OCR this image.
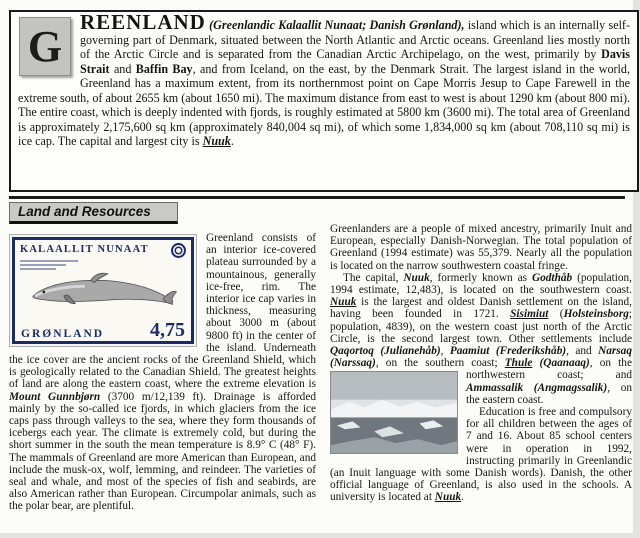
G REENLAND (Greenlandic Kalaallit Nunaat; Danish Grønland), island which is an internally self-governing part of Denmark, situated between the North Atlantic and Arctic oceans. Greenland lies mostly north of the Arctic Circle and is separated from the Canadian Arctic Archipelago, on the west, primarily by Davis Strait and Baffin Bay, and from Iceland, on the east, by the Denmark Strait. The largest island in the world, Greenland has a maximum extent, from its northernmost point on Cape Morris Jesup to Cape Farewell in the extreme south, of about 2655 km (about 1650 mi). The maximum distance from east to west is about 1290 km (about 800 mi). The entire coast, which is deeply indented with fjords, is roughly estimated at 5800 km (3600 mi). The total area of Greenland is approximately 2,175,600 sq km (approximately 840,004 sq mi), of which some 1,834,000 sq km (about 708,110 sq mi) is ice cap. The capital and largest city is Nuuk.

Land and Resources

KALAALLIT NUNAAT
GRØNLAND 4,75
Greenland consists of an interior ice-covered plateau surrounded by a mountainous, generally ice-free, rim. The interior ice cap varies in thickness, measuring about 3000 m (about 9800 ft) in the center of the island. Underneath the ice cover are the ancient rocks of the Greenland Shield, which is geologically related to the Canadian Shield. The greatest heights of land are along the eastern coast, where the extreme elevation is Mount Gunnbjørn (3700 m/12,139 ft). Drainage is afforded mainly by the so-called ice fjords, in which glaciers from the ice caps pass through valleys to the sea, where they form thousands of icebergs each year. The climate is extremely cold, but during the short summer in the south the mean temperature is 8.9° C (48° F). The mammals of Greenland are more American than European, and include the musk-ox, wolf, lemming, and reindeer. The varieties of seal and whale, and most of the species of fish and seabirds, are also American rather than European. Circumpolar animals, such as the polar bear, are plentiful.

Greenlanders are a people of mixed ancestry, primarily Inuit and European, especially Danish-Norwegian. The total population of Greenland (1994 estimate) was 55,379. Nearly all the population is located on the narrow southwestern coastal fringe.

The capital, Nuuk, formerly known as Godthåb (population, 1994 estimate, 12,483), is located on the southwestern coast. Nuuk is the largest and oldest Danish settlement on the island, having been founded in 1721. Sisimiut (Holsteinsborg; population, 4839), on the western coast just north of the Arctic Circle, is the second largest town. Other settlements include Qaqortoq (Julianehåb), Paamiut (Frederikshåb), and Narsaq (Narssaq), on the southern coast; Thule (Qaanaaq), on the northwestern
coast; and Ammassalik (Angmagssalik), on the eastern coast.

Education is free and compulsory for all children between the ages of 7 and 16. About 85 school centers were in operation in 1992, instructing primarily in Greenlandic (an Inuit language with some Danish words). Danish, the other official language of Greenland, is also used in the schools. A university is located at Nuuk.
